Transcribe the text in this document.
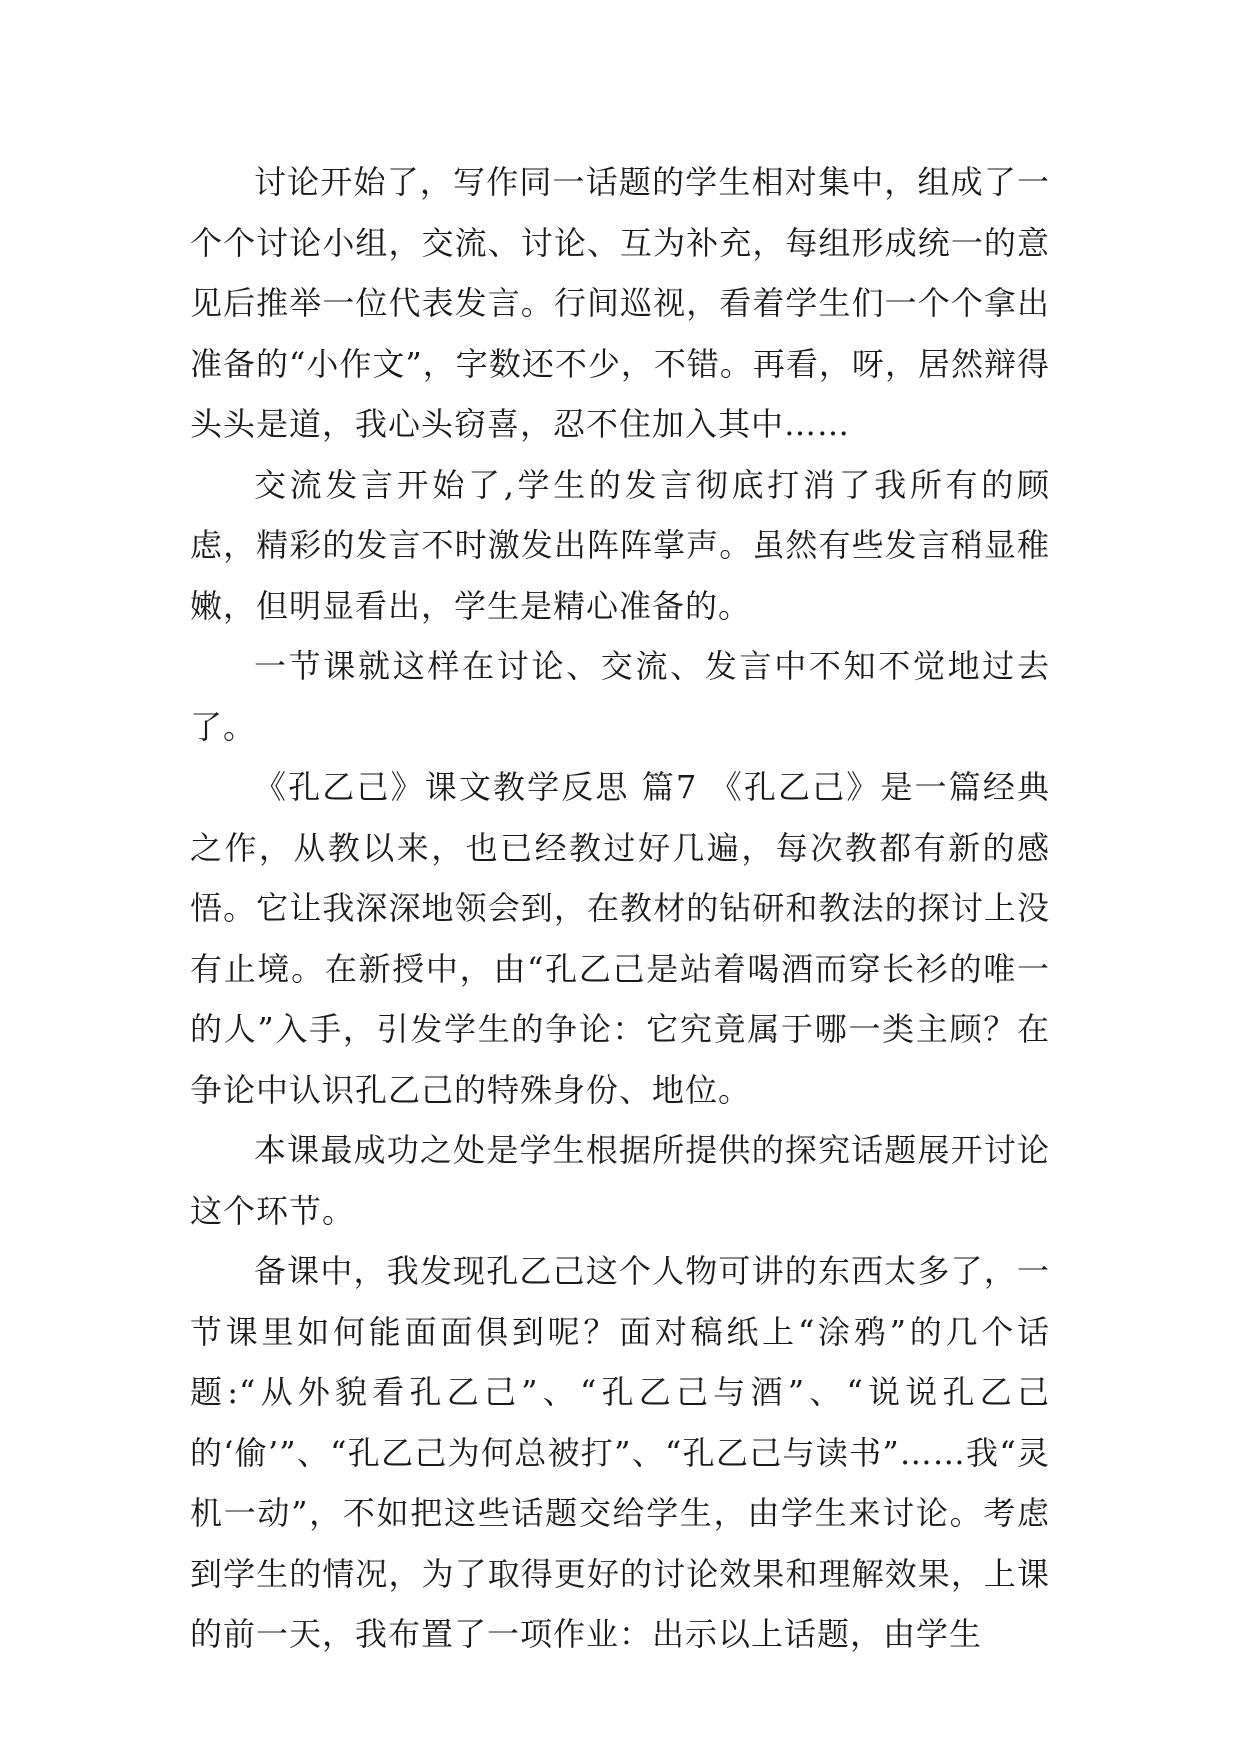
讨论开始了，写作同一话题的学生相对集中，组成了一个个讨论小组，交流、讨论、互为补充，每组形成统一的意见后推举一位代表发言。行间巡视，看着学生们一个个拿出准备的“小作文”，字数还不少，不错。再看，呀，居然辩得头头是道，我心头窃喜，忍不住加入其中……

交流发言开始了,学生的发言彻底打消了我所有的顾虑，精彩的发言不时激发出阵阵掌声。虽然有些发言稍显稚嫩，但明显看出，学生是精心准备的。

一节课就这样在讨论、交流、发言中不知不觉地过去了。

《孔乙己》课文教学反思 篇7 《孔乙己》是一篇经典之作，从教以来，也已经教过好几遍，每次教都有新的感悟。它让我深深地领会到，在教材的钻研和教法的探讨上没有止境。在新授中，由“孔乙己是站着喝酒而穿长衫的唯一的人”入手，引发学生的争论：它究竟属于哪一类主顾？在争论中认识孔乙己的特殊身份、地位。

本课最成功之处是学生根据所提供的探究话题展开讨论这个环节。

备课中，我发现孔乙己这个人物可讲的东西太多了，一节课里如何能面面俱到呢？面对稿纸上“涂鸦”的几个话题:“从外貌看孔乙己”、“孔乙己与酒”、“说说孔乙己的‘偷’”、“孔乙己为何总被打”、“孔乙己与读书”……我“灵机一动”，不如把这些话题交给学生，由学生来讨论。考虑到学生的情况，为了取得更好的讨论效果和理解效果，上课的前一天，我布置了一项作业：出示以上话题，由学生
